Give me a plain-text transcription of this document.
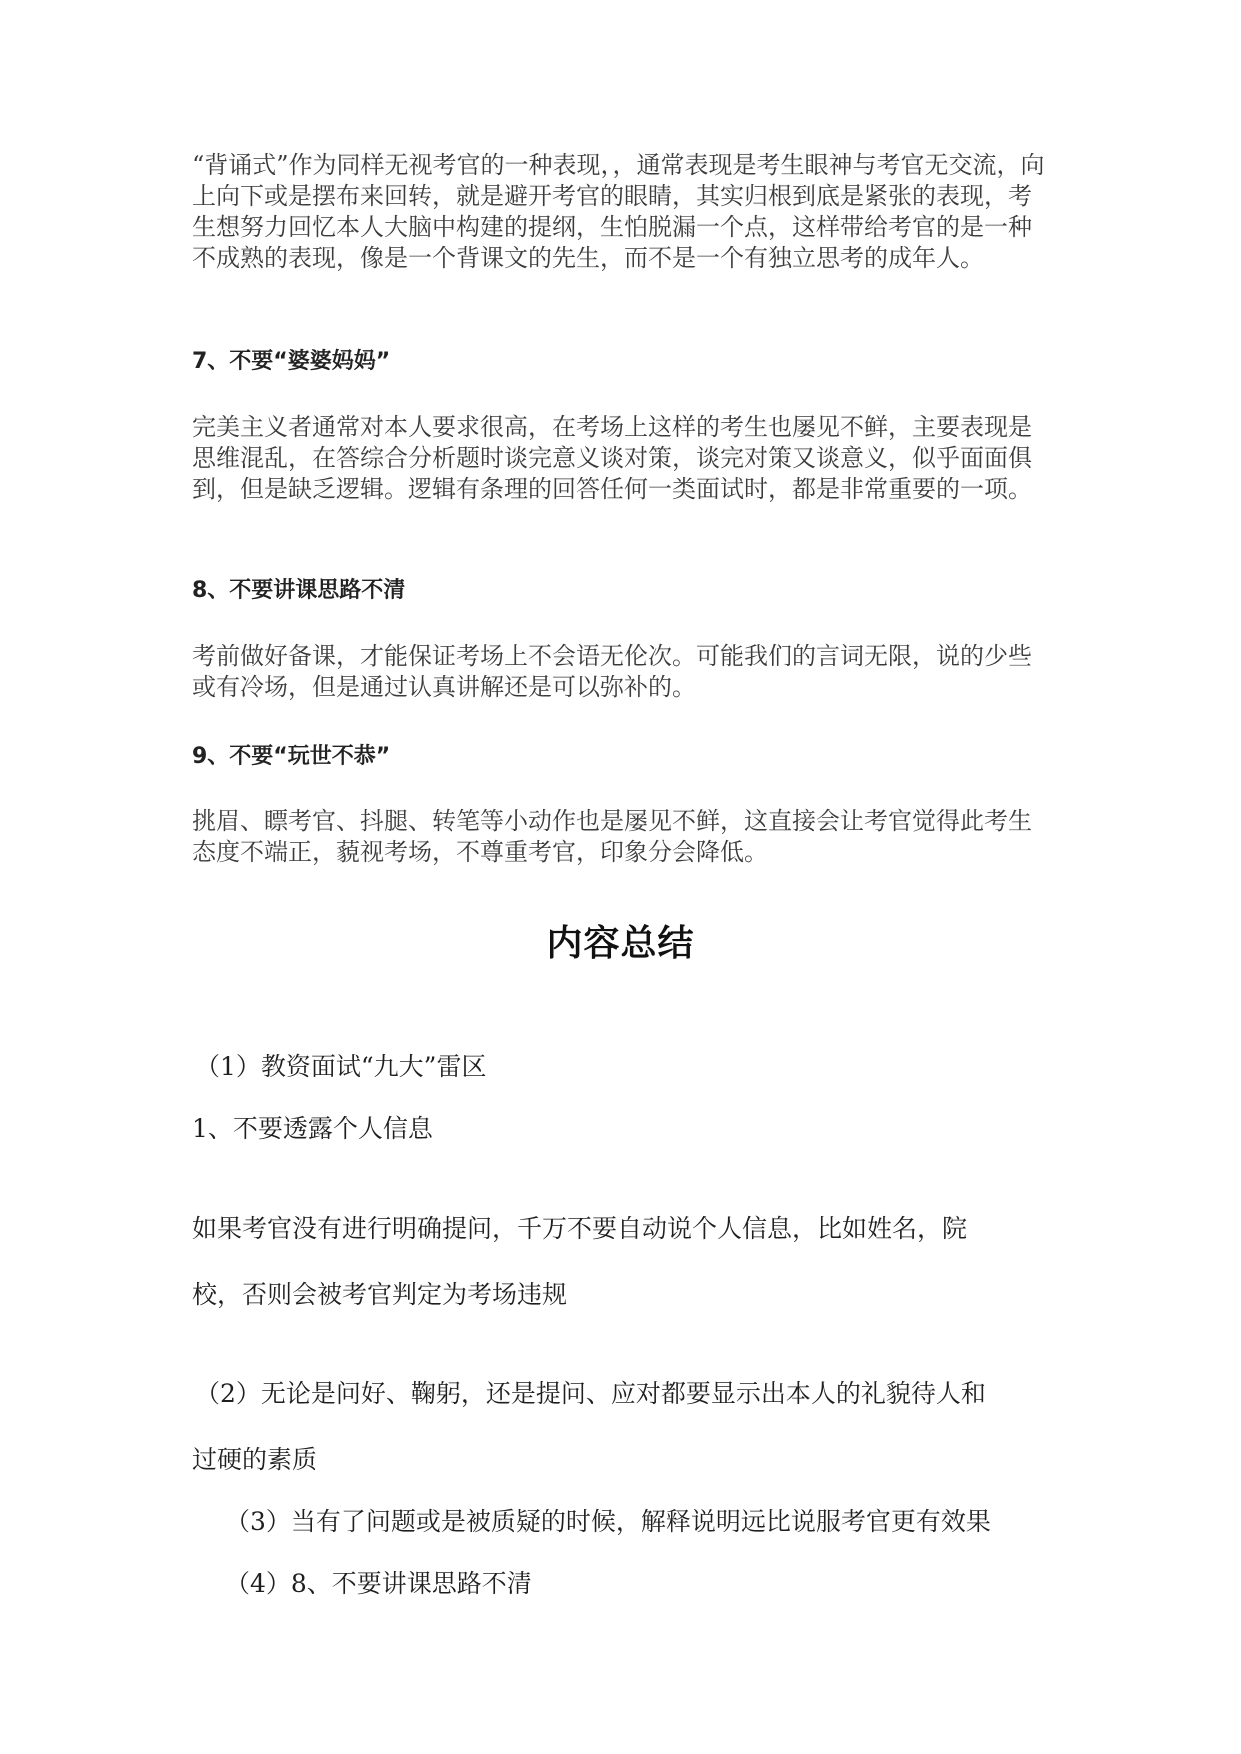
“背诵式”作为同样无视考官的一种表现，，通常表现是考生眼神与考官无交流，向上向下或是摆布来回转，就是避开考官的眼睛，其实归根到底是紧张的表现，考生想努力回忆本人大脑中构建的提纲，生怕脱漏一个点，这样带给考官的是一种不成熟的表现，像是一个背课文的先生，而不是一个有独立思考的成年人。
7、不要“婆婆妈妈”
完美主义者通常对本人要求很高，在考场上这样的考生也屡见不鲜，主要表现是思维混乱，在答综合分析题时谈完意义谈对策，谈完对策又谈意义，似乎面面俱到，但是缺乏逻辑。逻辑有条理的回答任何一类面试时，都是非常重要的一项。
8、不要讲课思路不清
考前做好备课，才能保证考场上不会语无伦次。可能我们的言词无限，说的少些或有冷场，但是通过认真讲解还是可以弥补的。
9、不要“玩世不恭”
挑眉、瞟考官、抖腿、转笔等小动作也是屡见不鲜，这直接会让考官觉得此考生态度不端正，藐视考场，不尊重考官，印象分会降低。
内容总结
（1）教资面试“九大”雷区
1、不要透露个人信息
如果考官没有进行明确提问，千万不要自动说个人信息，比如姓名，院
校，否则会被考官判定为考场违规
（2）无论是问好、鞠躬，还是提问、应对都要显示出本人的礼貌待人和
过硬的素质
（3）当有了问题或是被质疑的时候，解释说明远比说服考官更有效果
（4）8、不要讲课思路不清
